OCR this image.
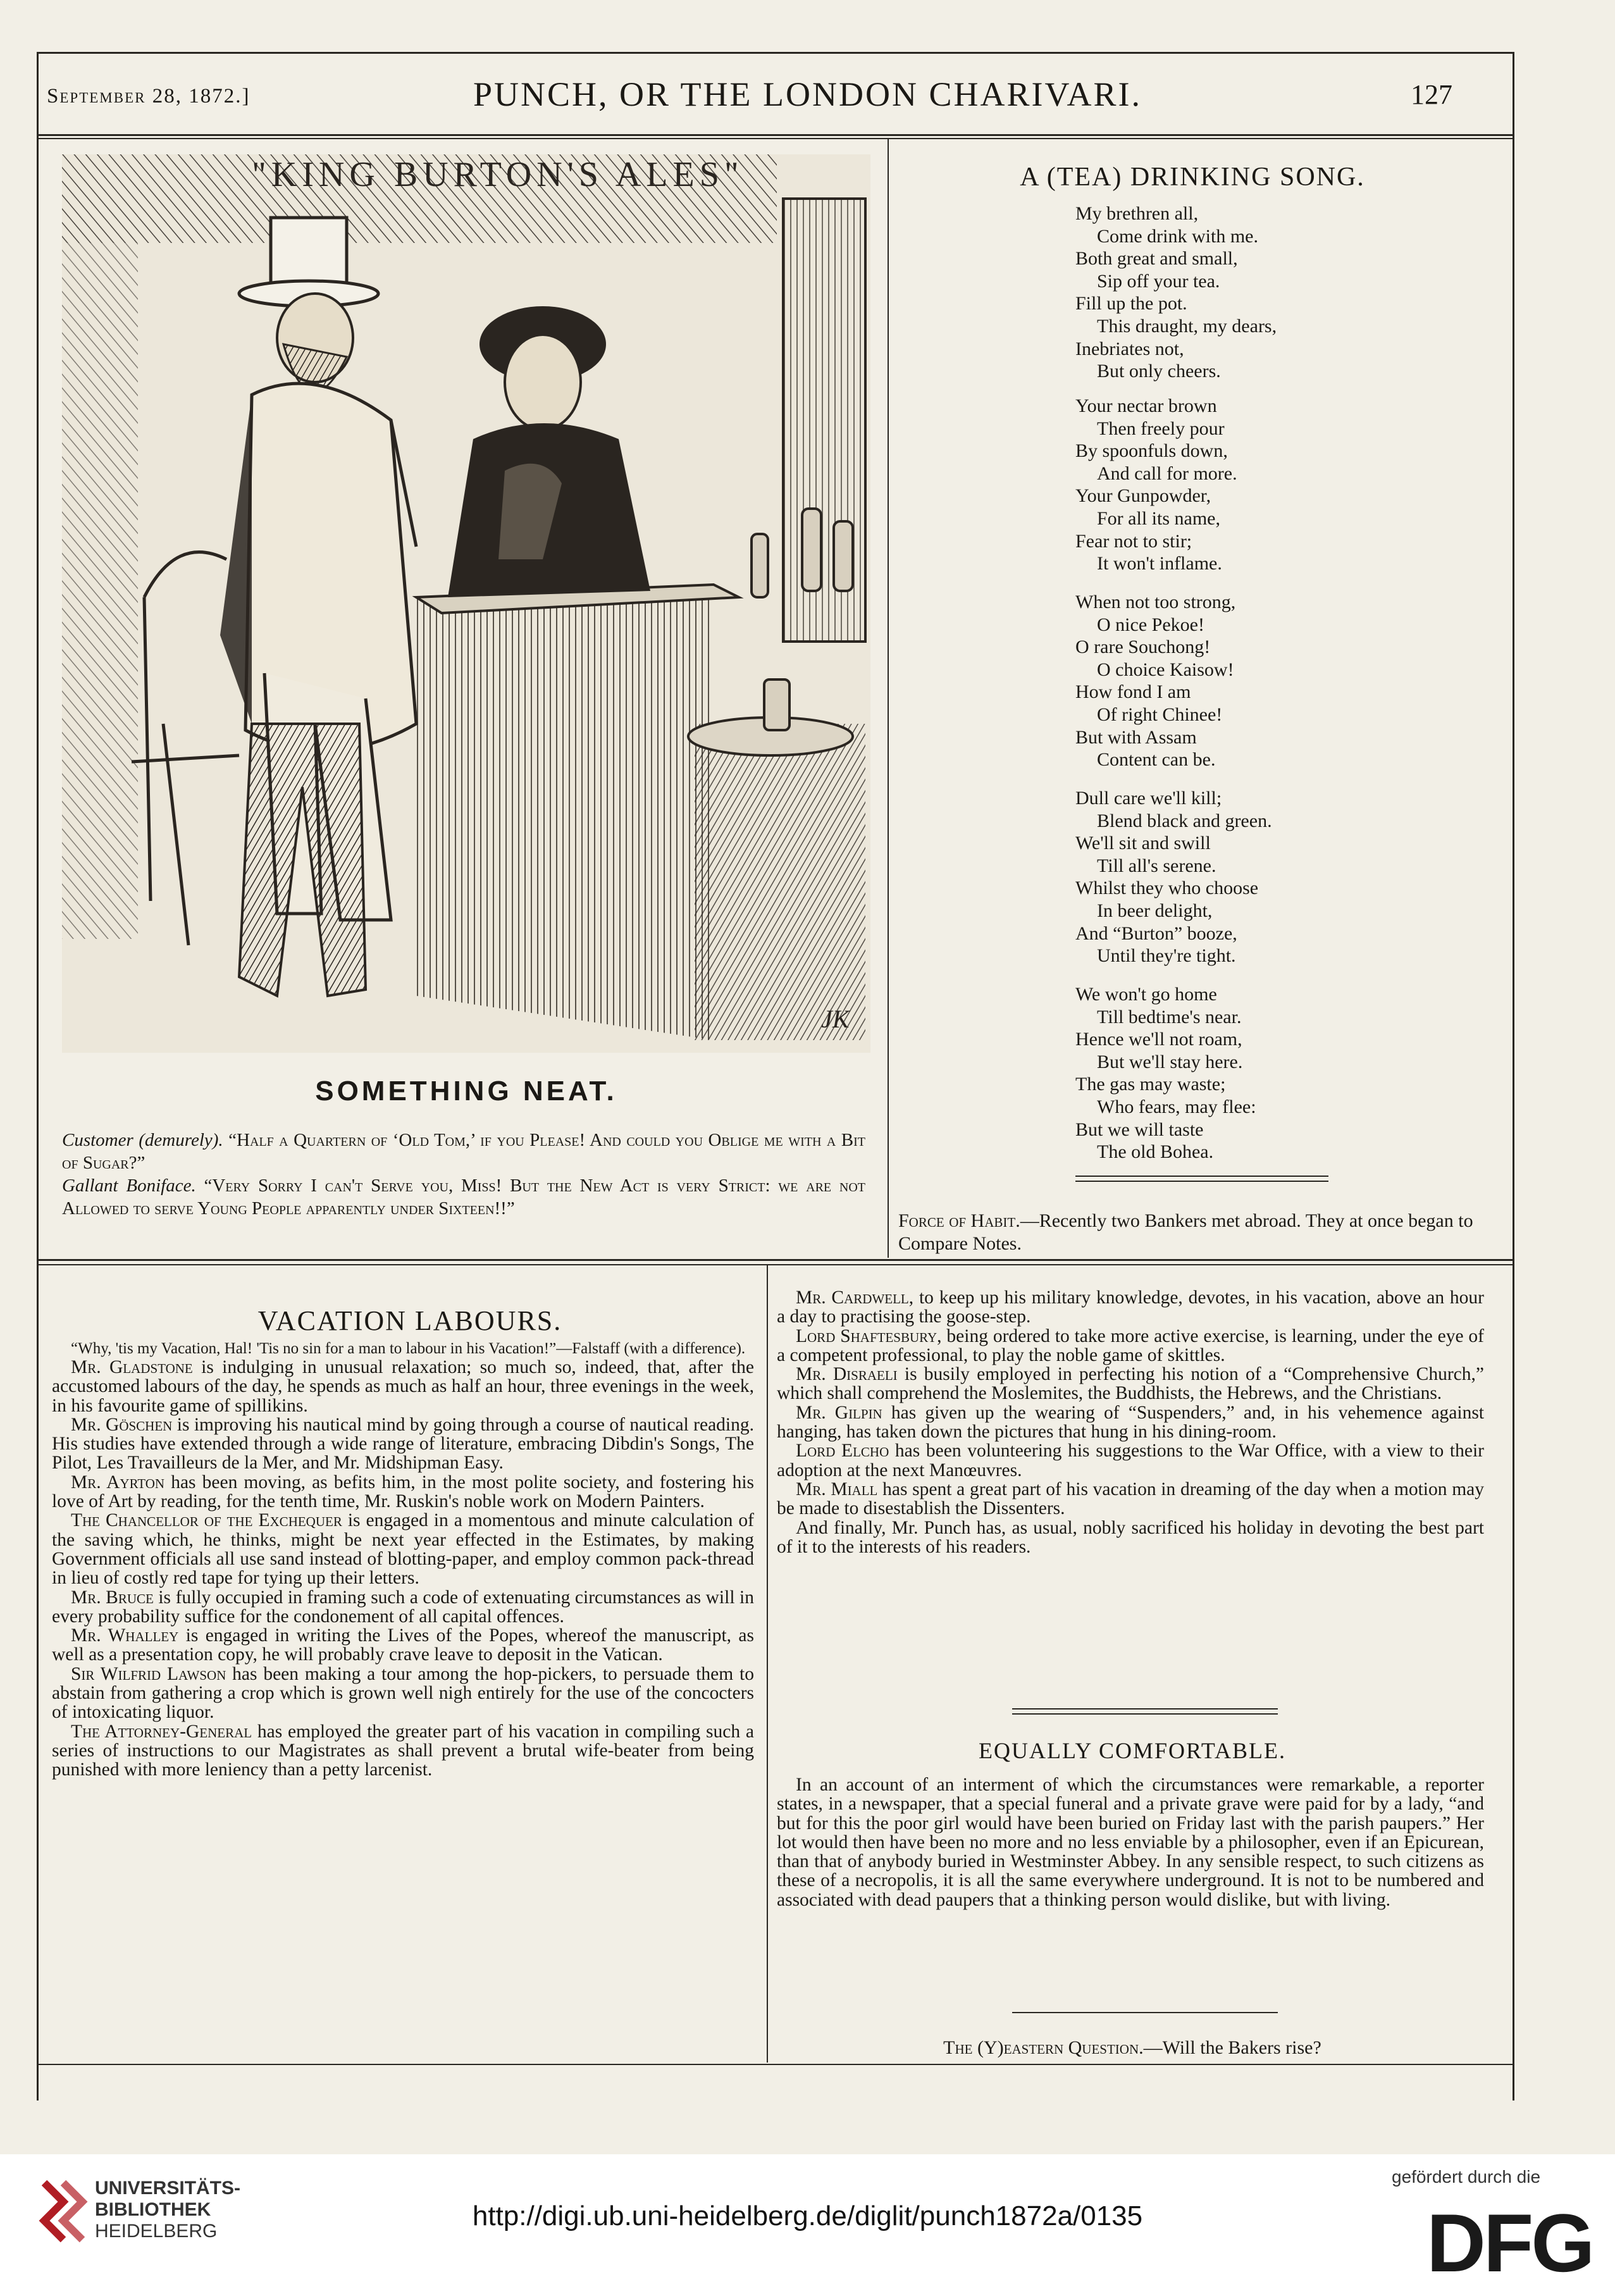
September 28, 1872.]	PUNCH, OR THE LONDON CHARIVARI.	127
"KING BURTON'S ALES"
JK
SOMETHING NEAT.
Customer (demurely). “Half a Quartern of ‘Old Tom,’ if you Please! And could you Oblige me with a Bit of Sugar?”
Gallant Boniface. “Very Sorry I can't Serve you, Miss! But the New Act is very Strict: we are not Allowed to serve Young People apparently under Sixteen!!”
A (TEA) DRINKING SONG.
My brethren all,
Come drink with me.
Both great and small,
Sip off your tea.
Fill up the pot.
This draught, my dears,
Inebriates not,
But only cheers.
Your nectar brown
Then freely pour
By spoonfuls down,
And call for more.
Your Gunpowder,
For all its name,
Fear not to stir;
It won't inflame.
When not too strong,
O nice Pekoe!
O rare Souchong!
O choice Kaisow!
How fond I am
Of right Chinee!
But with Assam
Content can be.
Dull care we'll kill;
Blend black and green.
We'll sit and swill
Till all's serene.
Whilst they who choose
In beer delight,
And “Burton” booze,
Until they're tight.
We won't go home
Till bedtime's near.
Hence we'll not roam,
But we'll stay here.
The gas may waste;
Who fears, may flee:
But we will taste
The old Bohea.
Force of Habit.—Recently two Bankers met abroad. They at once began to Compare Notes.
VACATION LABOURS.

“Why, 'tis my Vacation, Hal! 'Tis no sin for a man to labour in his Vacation!”—Falstaff (with a difference).

Mr. Gladstone is indulging in unusual relaxation; so much so, indeed, that, after the accustomed labours of the day, he spends as much as half an hour, three evenings in the week, in his favourite game of spillikins.

Mr. Göschen is improving his nautical mind by going through a course of nautical reading. His studies have extended through a wide range of literature, embracing Dibdin's Songs, The Pilot, Les Travailleurs de la Mer, and Mr. Midshipman Easy.

Mr. Ayrton has been moving, as befits him, in the most polite society, and fostering his love of Art by reading, for the tenth time, Mr. Ruskin's noble work on Modern Painters.

The Chancellor of the Exchequer is engaged in a momentous and minute calculation of the saving which, he thinks, might be next year effected in the Estimates, by making Government officials all use sand instead of blotting-paper, and employ common pack-thread in lieu of costly red tape for tying up their letters.

Mr. Bruce is fully occupied in framing such a code of extenuating circumstances as will in every probability suffice for the condonement of all capital offences.

Mr. Whalley is engaged in writing the Lives of the Popes, whereof the manuscript, as well as a presentation copy, he will probably crave leave to deposit in the Vatican.

Sir Wilfrid Lawson has been making a tour among the hop-pickers, to persuade them to abstain from gathering a crop which is grown well nigh entirely for the use of the concocters of intoxicating liquor.

The Attorney-General has employed the greater part of his vacation in compiling such a series of instructions to our Magistrates as shall prevent a brutal wife-beater from being punished with more leniency than a petty larcenist.

Mr. Cardwell, to keep up his military knowledge, devotes, in his vacation, above an hour a day to practising the goose-step.

Lord Shaftesbury, being ordered to take more active exercise, is learning, under the eye of a competent professional, to play the noble game of skittles.

Mr. Disraeli is busily employed in perfecting his notion of a “Comprehensive Church,” which shall comprehend the Moslemites, the Buddhists, the Hebrews, and the Christians.

Mr. Gilpin has given up the wearing of “Suspenders,” and, in his vehemence against hanging, has taken down the pictures that hung in his dining-room.

Lord Elcho has been volunteering his suggestions to the War Office, with a view to their adoption at the next Manœuvres.

Mr. Miall has spent a great part of his vacation in dreaming of the day when a motion may be made to disestablish the Dissenters.

And finally, Mr. Punch has, as usual, nobly sacrificed his holiday in devoting the best part of it to the interests of his readers.

EQUALLY COMFORTABLE.

In an account of an interment of which the circumstances were remarkable, a reporter states, in a newspaper, that a special funeral and a private grave were paid for by a lady, “and but for this the poor girl would have been buried on Friday last with the parish paupers.” Her lot would then have been no more and no less enviable by a philosopher, even if an Epicurean, than that of anybody buried in Westminster Abbey. In any sensible respect, to such citizens as these of a necropolis, it is all the same everywhere underground. It is not to be numbered and associated with dead paupers that a thinking person would dislike, but with living.

The (Y)eastern Question.—Will the Bakers rise?
UNIVERSITÄTS-
BIBLIOTHEK
HEIDELBERG	http://digi.ub.uni-heidelberg.de/diglit/punch1872a/0135
gefördert durch die
DFG
